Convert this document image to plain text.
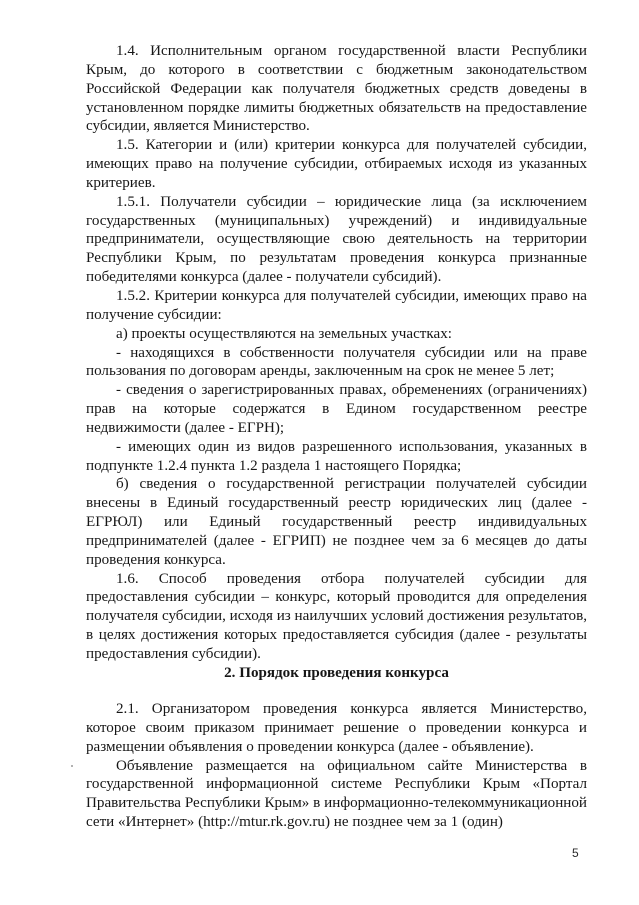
1.4. Исполнительным органом государственной власти Республики Крым, до которого в соответствии с бюджетным законодательством Российской Федерации как получателя бюджетных средств доведены в установленном порядке лимиты бюджетных обязательств на предоставление субсидии, является Министерство.

1.5. Категории и (или) критерии конкурса для получателей субсидии, имеющих право на получение субсидии, отбираемых исходя из указанных критериев.

1.5.1. Получатели субсидии – юридические лица (за исключением государственных (муниципальных) учреждений) и индивидуальные предприниматели, осуществляющие свою деятельность на территории Республики Крым, по результатам проведения конкурса признанные победителями конкурса (далее - получатели субсидий).

1.5.2. Критерии конкурса для получателей субсидии, имеющих право на получение субсидии:

а) проекты осуществляются на земельных участках:

- находящихся в собственности получателя субсидии или на праве пользования по договорам аренды, заключенным на срок не менее 5 лет;

- сведения о зарегистрированных правах, обременениях (ограничениях) прав на которые содержатся в Едином государственном реестре недвижимости (далее - ЕГРН);

- имеющих один из видов разрешенного использования, указанных в подпункте 1.2.4 пункта 1.2 раздела 1 настоящего Порядка;

б) сведения о государственной регистрации получателей субсидии внесены в Единый государственный реестр юридических лиц (далее - ЕГРЮЛ) или Единый государственный реестр индивидуальных предпринимателей (далее - ЕГРИП) не позднее чем за 6 месяцев до даты проведения конкурса.

1.6. Способ проведения отбора получателей субсидии для предоставления субсидии – конкурс, который проводится для определения получателя субсидии, исходя из наилучших условий достижения результатов, в целях достижения которых предоставляется субсидия (далее - результаты предоставления субсидии).

2. Порядок проведения конкурса

2.1. Организатором проведения конкурса является Министерство, которое своим приказом принимает решение о проведении конкурса и размещении объявления о проведении конкурса (далее - объявление).

Объявление размещается на официальном сайте Министерства в государственной информационной системе Республики Крым «Портал Правительства Республики Крым» в информационно-телекоммуникационной сети «Интернет» (http://mtur.rk.gov.ru) не позднее чем за 1 (один)

5
